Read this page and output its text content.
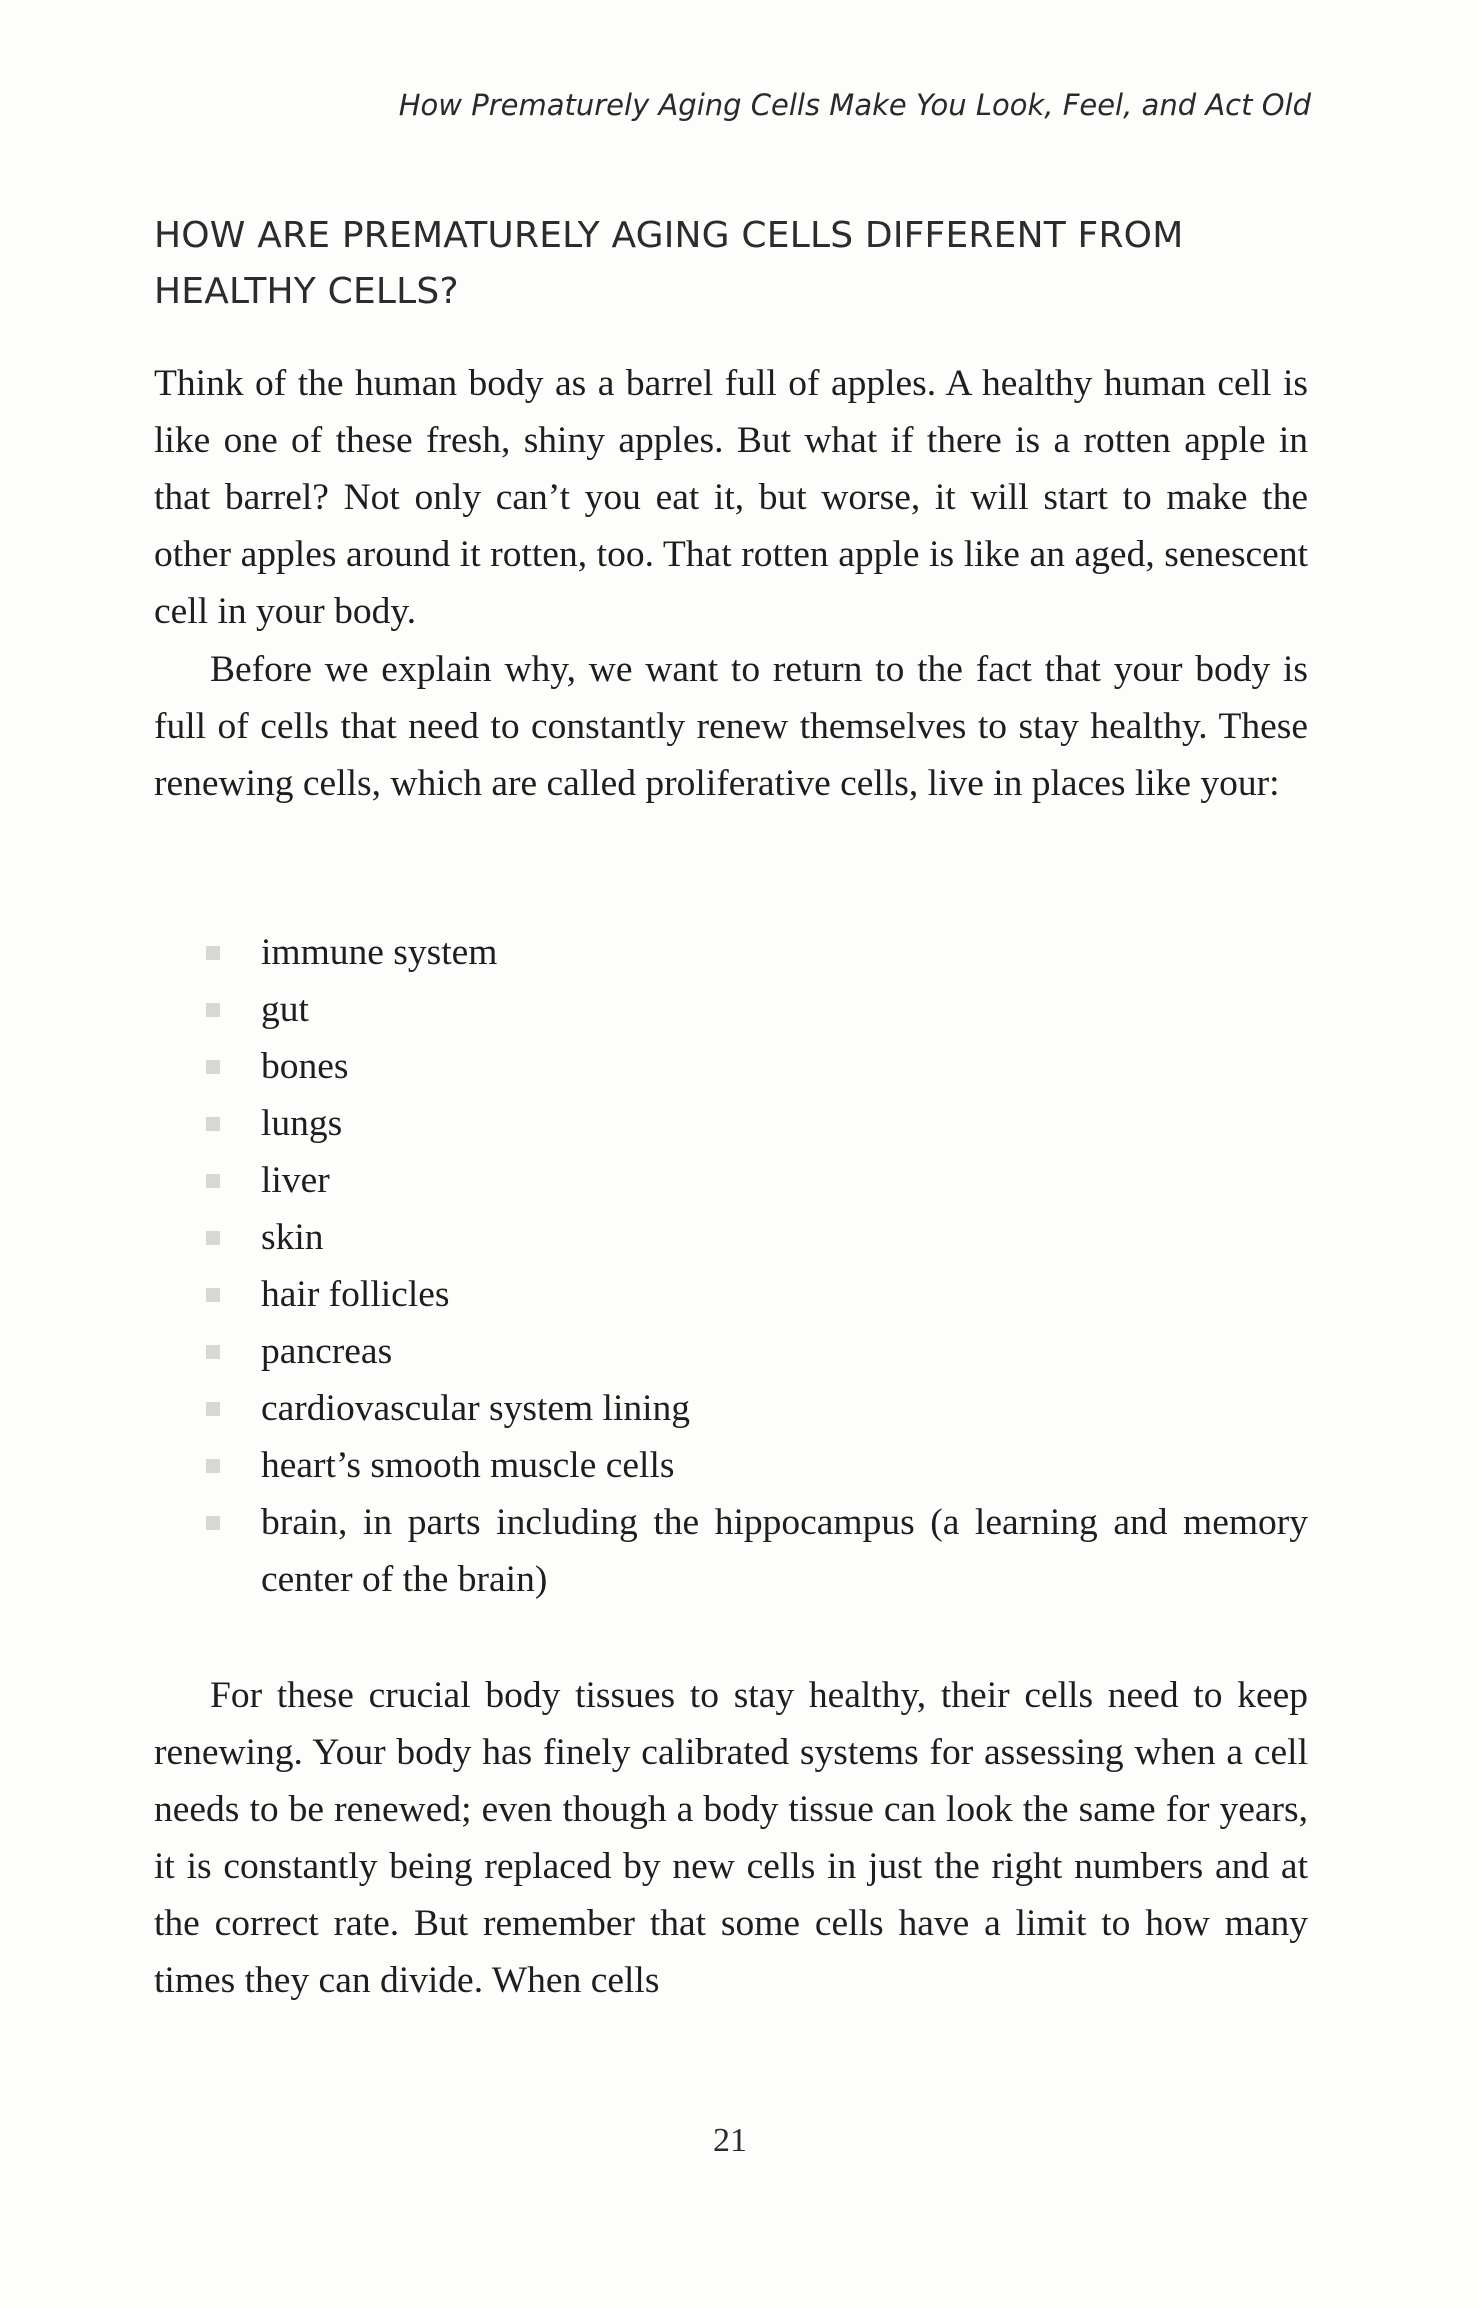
How Prematurely Aging Cells Make You Look, Feel, and Act Old
HOW ARE PREMATURELY AGING CELLS DIFFERENT FROM HEALTHY CELLS?

Think of the human body as a barrel full of apples. A healthy human cell is like one of these fresh, shiny apples. But what if there is a rotten apple in that barrel? Not only can’t you eat it, but worse, it will start to make the other apples around it rotten, too. That rotten apple is like an aged, senescent cell in your body.

Before we explain why, we want to return to the fact that your body is full of cells that need to constantly renew themselves to stay healthy. These renewing cells, which are called proliferative cells, live in places like your:

immune system
gut
bones
lungs
liver
skin
hair follicles
pancreas
cardiovascular system lining
heart’s smooth muscle cells
brain, in parts including the hippocampus (a learning and memory center of the brain)

For these crucial body tissues to stay healthy, their cells need to keep renewing. Your body has finely calibrated systems for assessing when a cell needs to be renewed; even though a body tissue can look the same for years, it is constantly being replaced by new cells in just the right numbers and at the correct rate. But remember that some cells have a limit to how many times they can divide. When cells

21
